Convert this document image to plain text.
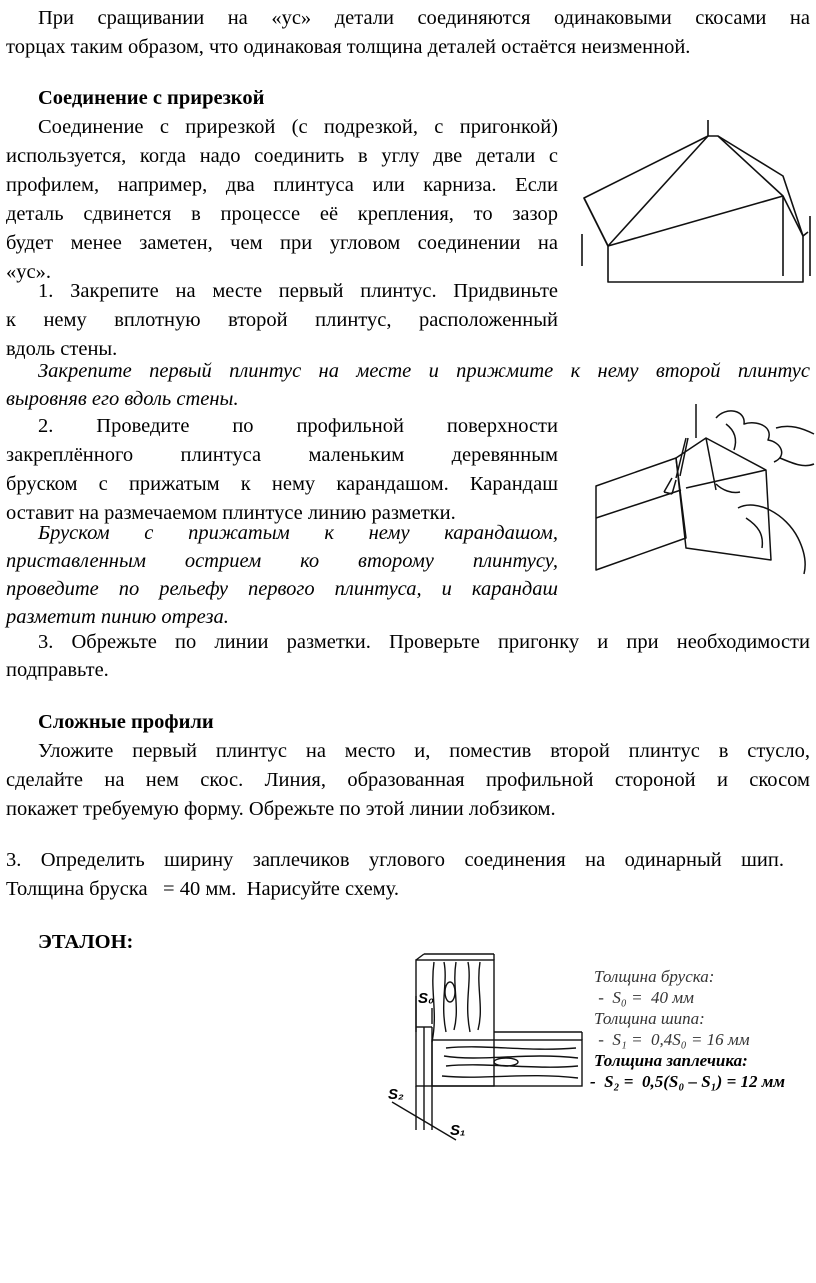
При сращивании на «ус» детали соединяются одинаковыми скосами на

торцах таким образом, что одинаковая толщина деталей остаётся неизменной.

Соединение с прирезкой

Соединение с прирезкой (с подрезкой, с пригонкой)

используется, когда надо соединить в углу две детали с

профилем, например, два плинтуса или карниза. Если

деталь сдвинется в процессе её крепления, то зазор

будет менее заметен, чем при угловом соединении на

«ус».

1. Закрепите на месте первый плинтус. Придвиньте

к нему вплотную второй плинтус, расположенный

вдоль стены.

Закрепите первый плинтус на месте и прижмите к нему второй плинтус

выровняв его вдоль стены.

2. Проведите по профильной поверхности

закреплённого плинтуса маленьким деревянным

бруском с прижатым к нему карандашом. Карандаш

оставит на размечаемом плинтусе линию разметки.

Бруском с прижатым к нему карандашом,

приставленным острием ко второму плинтусу,

проведите по рельефу первого плинтуса, и карандаш

разметит пинию отреза.

3. Обрежьте по линии разметки. Проверьте пригонку и при необходимости

подправьте.

Сложные профили

Уложите первый плинтус на место и, поместив второй плинтус в стусло,

сделайте на нем скос. Линия, образованная профильной стороной и скосом

покажет требуемую форму. Обрежьте по этой линии лобзиком.

3. Определить ширину заплечиков углового соединения на одинарный шип.

Толщина бруска   = 40 мм.  Нарисуйте схему.

ЭТАЛОН:

S₀
S₂
S₁
Толщина бруска:
-  S₀ =  40 мм
Толщина шипа:
-  S₁ =  0,4S₀ = 16 мм
Толщина заплечика:
-  S₂ =  0,5(S₀ – S₁) = 12 мм
